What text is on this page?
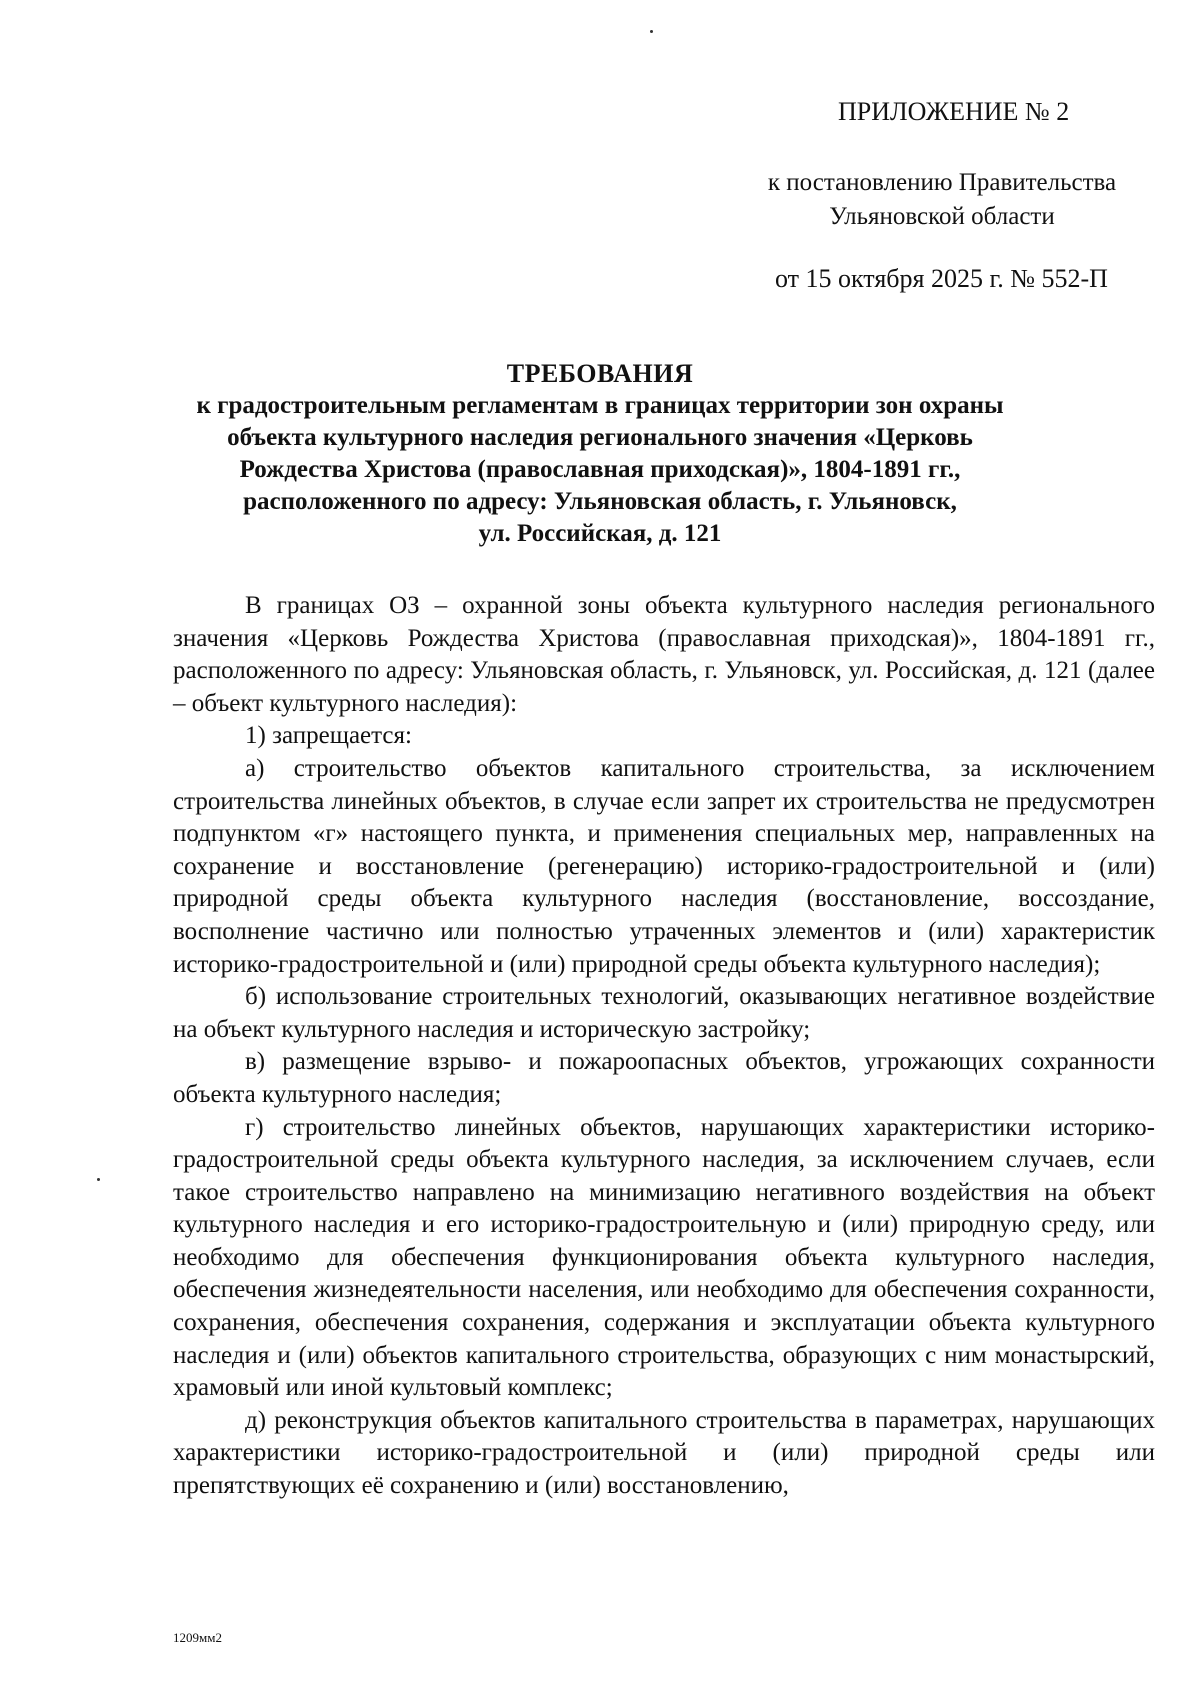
ПРИЛОЖЕНИЕ № 2
к постановлению Правительства
Ульяновской области
от 15 октября 2025 г. № 552-П
ТРЕБОВАНИЯ
к градостроительным регламентам в границах территории зон охраны
объекта культурного наследия регионального значения «Церковь
Рождества Христова (православная приходская)», 1804-1891 гг.,
расположенного по адресу: Ульяновская область, г. Ульяновск,
ул. Российская, д. 121

В границах ОЗ – охранной зоны объекта культурного наследия регионального значения «Церковь Рождества Христова (православная приходская)», 1804-1891 гг., расположенного по адресу: Ульяновская область, г. Ульяновск, ул. Российская, д. 121 (далее – объект культурного наследия):

1) запрещается:

а) строительство объектов капитального строительства, за исключением строительства линейных объектов, в случае если запрет их строительства не предусмотрен подпунктом «г» настоящего пункта, и применения специальных мер, направленных на сохранение и восстановление (регенерацию) историко-градостроительной и (или) природной среды объекта культурного наследия (восстановление, воссоздание, восполнение частично или полностью утраченных элементов и (или) характеристик историко-градостроительной и (или) природной среды объекта культурного наследия);

б) использование строительных технологий, оказывающих негативное воздействие на объект культурного наследия и историческую застройку;

в) размещение взрыво- и пожароопасных объектов, угрожающих сохранности объекта культурного наследия;

г) строительство линейных объектов, нарушающих характеристики историко-градостроительной среды объекта культурного наследия, за исключением случаев, если такое строительство направлено на минимизацию негативного воздействия на объект культурного наследия и его историко-градостроительную и (или) природную среду, или необходимо для обеспечения функционирования объекта культурного наследия, обеспечения жизнедеятельности населения, или необходимо для обеспечения сохранности, сохранения, обеспечения сохранения, содержания и эксплуатации объекта культурного наследия и (или) объектов капитального строительства, образующих с ним монастырский, храмовый или иной культовый комплекс;

д) реконструкция объектов капитального строительства в параметрах, нарушающих характеристики историко-градостроительной и (или) природной среды или препятствующих её сохранению и (или) восстановлению,

1209мм2
